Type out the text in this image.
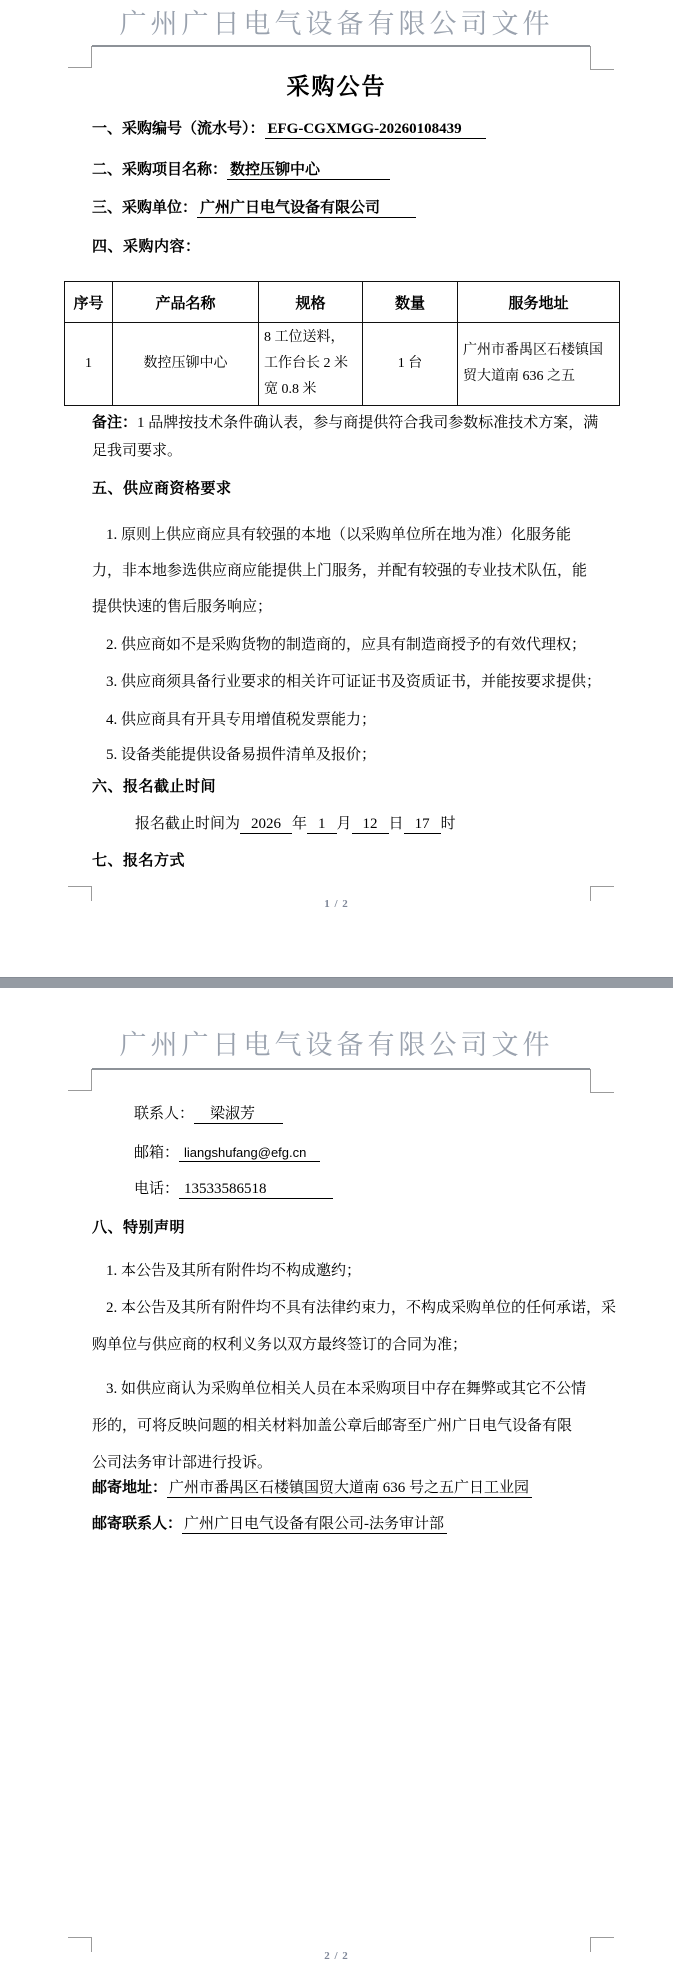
广州广日电气设备有限公司文件
采购公告
一、采购编号（流水号）： EFG-CGXMGG-20260108439
二、采购项目名称： 数控压铆中心
三、采购单位： 广州广日电气设备有限公司
四、采购内容：
序号	产品名称	规格	数量	服务地址
1	数控压铆中心	8 工位送料，工作台长 2 米宽 0.8 米	1 台	广州市番禺区石楼镇国贸大道南 636 之五
备注：1 品牌按技术条件确认表，参与商提供符合我司参数标准技术方案，满足我司要求。
五、供应商资格要求
1. 原则上供应商应具有较强的本地（以采购单位所在地为准）化服务能力，非本地参选供应商应能提供上门服务，并配有较强的专业技术队伍，能提供快速的售后服务响应；
2. 供应商如不是采购货物的制造商的，应具有制造商授予的有效代理权；
3. 供应商须具备行业要求的相关许可证证书及资质证书，并能按要求提供；
4. 供应商具有开具专用增值税发票能力；
5. 设备类能提供设备易损件清单及报价；
六、报名截止时间
报名截止时间为 2026 年 1 月 12 日 17 时
七、报名方式
1 / 2
广州广日电气设备有限公司文件
联系人： 梁淑芳
邮箱： liangshufang@efg.cn
电话： 13533586518
八、特别声明
1. 本公告及其所有附件均不构成邀约；
2. 本公告及其所有附件均不具有法律约束力，不构成采购单位的任何承诺，采购单位与供应商的权利义务以双方最终签订的合同为准；
3. 如供应商认为采购单位相关人员在本采购项目中存在舞弊或其它不公情形的，可将反映问题的相关材料加盖公章后邮寄至广州广日电气设备有限公司法务审计部进行投诉。
邮寄地址： 广州市番禺区石楼镇国贸大道南 636 号之五广日工业园
邮寄联系人： 广州广日电气设备有限公司-法务审计部
2 / 2
